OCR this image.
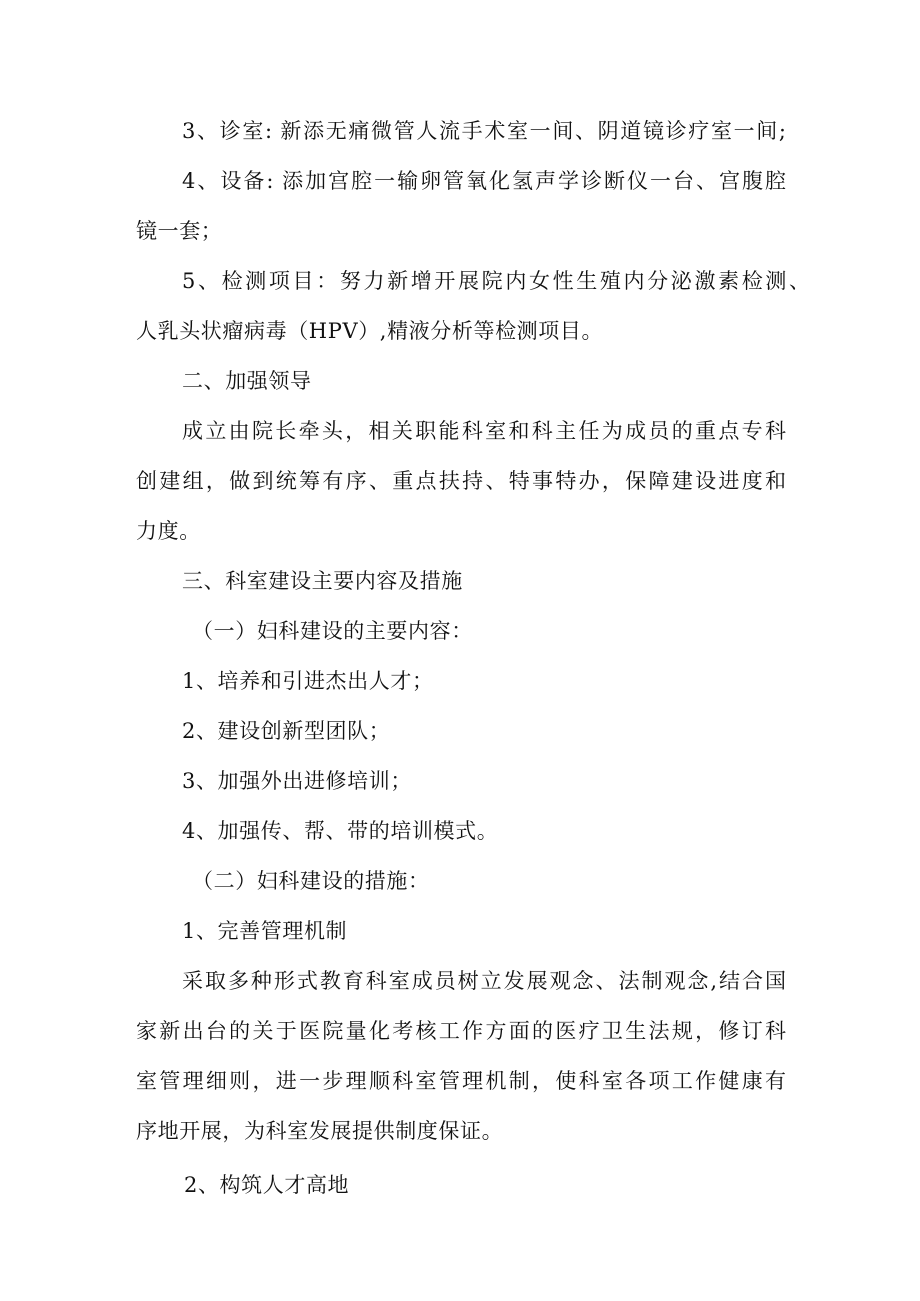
3、诊室: 新添无痛微管人流手术室一间、阴道镜诊疗室一间;
4、设备: 添加宫腔一输卵管氧化氢声学诊断仪一台、宫腹腔
镜一套；
5、检测项目：努力新增开展院内女性生殖内分泌激素检测、
人乳头状瘤病毒（HPV）,精液分析等检测项目。
二、加强领导
成立由院长牵头，相关职能科室和科主任为成员的重点专科
创建组，做到统筹有序、重点扶持、特事特办，保障建设进度和
力度。
三、科室建设主要内容及措施
（一）妇科建设的主要内容：
1、培养和引进杰出人才；
2、建设创新型团队；
3、加强外出进修培训；
4、加强传、帮、带的培训模式。
（二）妇科建设的措施：
1、完善管理机制
采取多种形式教育科室成员树立发展观念、法制观念,结合国
家新出台的关于医院量化考核工作方面的医疗卫生法规，修订科
室管理细则，进一步理顺科室管理机制，使科室各项工作健康有
序地开展，为科室发展提供制度保证。
2、构筑人才高地
